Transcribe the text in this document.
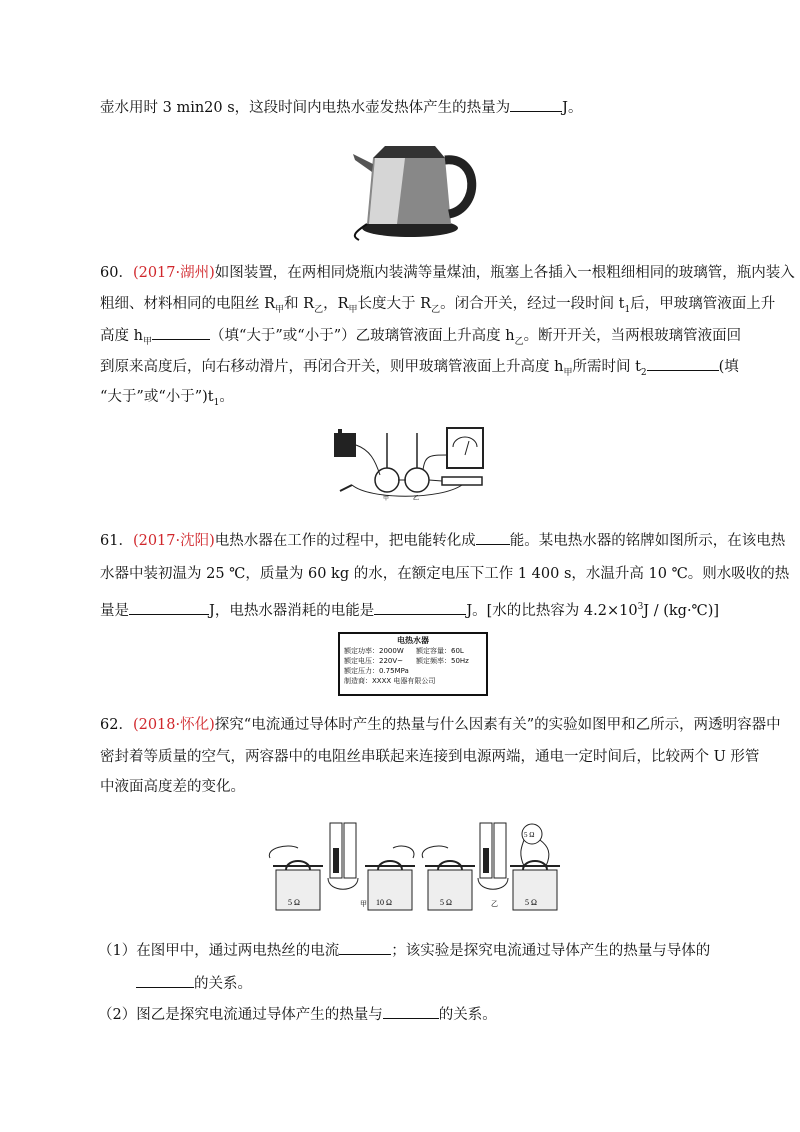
壶水用时 3 min20 s，这段时间内电热水壶发热体产生的热量为	J。
60．(2017·湖州)如图装置，在两相同烧瓶内装满等量煤油，瓶塞上各插入一根粗细相同的玻璃管，瓶内装入
粗细、材料相同的电阻丝 $R_甲$和 $R_乙$，$R_甲$长度大于 $R_乙$。闭合开关，经过一段时间 $t_1$后，甲玻璃管液面上升
高度 $h_甲$	（填“大于”或“小于”）乙玻璃管液面上升高度 $h_乙$。断开开关，当两根玻璃管液面回
到原来高度后，向右移动滑片，再闭合开关，则甲玻璃管液面上升高度 $h_甲$所需时间 $t_2$	(填
“大于”或“小于$”)t_1$。
甲	乙
61．(2017·沈阳)电热水器在工作的过程中，把电能转化成 能。某电热水器的铭牌如图所示，在该电热
水器中装初温为 25 ℃，质量为 60 kg 的水，在额定电压下工作 1 400 s，水温升高 10 ℃。则水吸收的热
量是	J，电热水器消耗的电能是	J。[水的比热容为 $4.2\times 10^3J$ / (kg·℃)]
电热水器
额定功率：2000W 额定容量：60L
额定电压：220V~ 额定频率：50Hz
额定压力：0.75MPa
制造商：XXXX 电器有限公司
62．(2018·怀化)探究“电流通过导体时产生的热量与什么因素有关”的实验如图甲和乙所示，两透明容器中
密封着等质量的空气，两容器中的电阻丝串联起来连接到电源两端，通电一定时间后，比较两个 U 形管
中液面高度差的变化。
5 Ω	10 Ω
甲	5 Ω	5 Ω
5 Ω
乙
（1）在图甲中，通过两电热丝的电流	；该实验是探究电流通过导体产生的热量与导体的
的关系。
（2）图乙是探究电流通过导体产生的热量与	的关系。
